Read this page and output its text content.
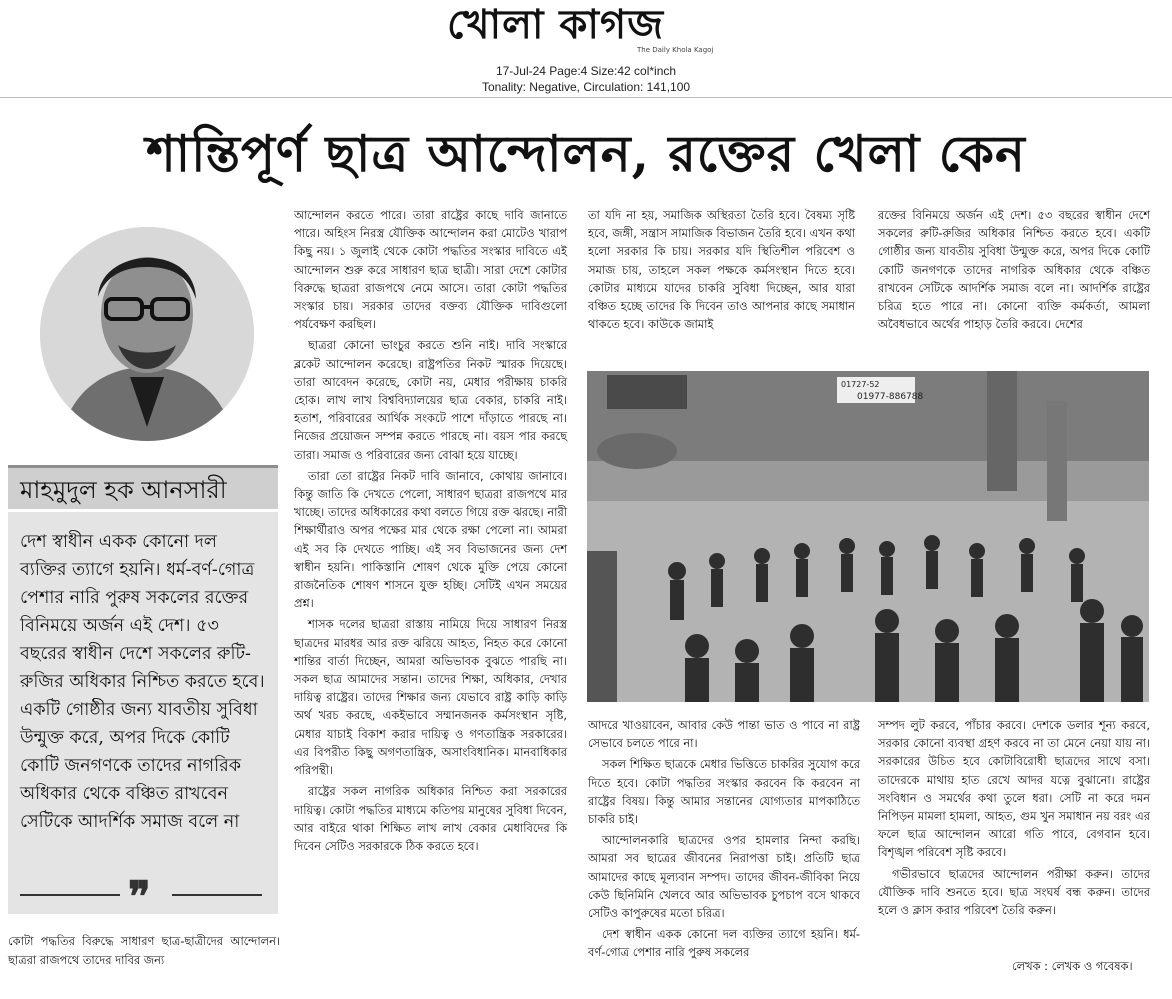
খোলা কাগজ
The Daily Khola Kagoj
17-Jul-24 Page:4 Size:42 col*inch
Tonality: Negative, Circulation: 141,100
শান্তিপূর্ণ ছাত্র আন্দোলন, রক্তের খেলা কেন
মাহমুদুল হক আনসারী
দেশ স্বাধীন একক কোনো দল ব্যক্তির ত্যাগে হয়নি। ধর্ম-বর্ণ-গোত্র পেশার নারি পুরুষ সকলের রক্তের বিনিময়ে অর্জন এই দেশ। ৫৩ বছরের স্বাধীন দেশে সকলের রুটি-রুজির অধিকার নিশ্চিত করতে হবে। একটি গোষ্ঠীর জন্য যাবতীয় সুবিধা উন্মুক্ত করে, অপর দিকে কোটি কোটি জনগণকে তাদের নাগরিক অধিকার থেকে বঞ্চিত রাখবেন সেটিকে আদর্শিক সমাজ বলে না
❞
কোটা পদ্ধতির বিরুদ্ধে সাধারণ ছাত্র-ছাত্রীদের আন্দোলন। ছাত্ররা রাজপথে তাদের দাবির জন্য

আন্দোলন করতে পারে। তারা রাষ্ট্রের কাছে দাবি জানাতে পারে। অহিংস নিরস্ত্র যৌক্তিক আন্দোলন করা মোটেও খারাপ কিছু নয়। ১ জুলাই থেকে কোটা পদ্ধতির সংস্কার দাবিতে এই আন্দোলন শুরু করে সাধারণ ছাত্র ছাত্রী। সারা দেশে কোটার বিরুদ্ধে ছাত্ররা রাজপথে নেমে আসে। তারা কোটা পদ্ধতির সংস্কার চায়। সরকার তাদের বক্তব্য যৌক্তিক দাবিগুলো পর্যবেক্ষণ করছিল।

ছাত্ররা কোনো ভাংচুর করতে শুনি নাই। দাবি সংস্কারে ব্লকেট আন্দোলন করেছে। রাষ্ট্রপতির নিকট স্মারক দিয়েছে। তারা আবেদন করেছে, কোটা নয়, মেধার পরীক্ষায় চাকরি হোক। লাখ লাখ বিশ্ববিদ্যালয়ের ছাত্র বেকার, চাকরি নাই। হতাশ, পরিবারের আর্থিক সংকটে পাশে দাঁড়াতে পারছে না। নিজের প্রয়োজন সম্পন্ন করতে পারছে না। বয়স পার করছে তারা। সমাজ ও পরিবারের জন্য বোঝা হয়ে যাচ্ছে।

তারা তো রাষ্ট্রের নিকট দাবি জানাবে, কোথায় জানাবে। কিন্তু জাতি কি দেখতে পেলো, সাধারণ ছাত্ররা রাজপথে মার খাচ্ছে। তাদের অধিকারের কথা বলতে গিয়ে রক্ত ঝরছে। নারী শিক্ষার্থীরাও অপর পক্ষের মার থেকে রক্ষা পেলো না। আমরা এই সব কি দেখতে পাচ্ছি। এই সব বিভাজনের জন্য দেশ স্বাধীন হয়নি। পাকিস্তানি শোষণ থেকে মুক্তি পেয়ে কোনো রাজনৈতিক শোষণ শাসনে যুক্ত হচ্ছি। সেটিই এখন সময়ের প্রশ্ন।

শাসক দলের ছাত্ররা রাস্তায় নামিয়ে দিয়ে সাধারণ নিরস্ত্র ছাত্রদের মারধর আর রক্ত ঝরিয়ে আহত, নিহত করে কোনো শান্তির বার্তা দিচ্ছেন, আমরা অভিভাবক বুঝতে পারছি না। সকল ছাত্র আমাদের সন্তান। তাদের শিক্ষা, অধিকার, দেখার দায়িত্ব রাষ্ট্রের। তাদের শিক্ষার জন্য যেভাবে রাষ্ট্র কাড়ি কাড়ি অর্থ খরচ করছে, একইভাবে সম্মানজনক কর্মসংস্থান সৃষ্টি, মেধার যাচাই বিকাশ করার দায়িত্ব ও গণতান্ত্রিক সরকারের। এর বিপরীত কিছু অগণতান্ত্রিক, অসাংবিধানিক। মানবাধিকার পরিপন্থী।

রাষ্ট্রের সকল নাগরিক অধিকার নিশ্চিত করা সরকারের দায়িত্ব। কোটা পদ্ধতির মাধ্যমে কতিপয় মানুষের সুবিধা দিবেন, আর বাইরে থাকা শিক্ষিত লাখ লাখ বেকার মেধাবিদের কি দিবেন সেটিও সরকারকে ঠিক করতে হবে।

তা যদি না হয়, সমাজিক অস্থিরতা তৈরি হবে। বৈষম্য সৃষ্টি হবে, জঙ্গী, সন্ত্রাস সামাজিক বিভাজন তৈরি হবে। এখন কথা হলো সরকার কি চায়। সরকার যদি স্থিতিশীল পরিবেশ ও সমাজ চায়, তাহলে সকল পক্ষকে কর্মসংস্থান দিতে হবে। কোটার মাধ্যমে যাদের চাকরি সুবিধা দিচ্ছেন, আর যারা বঞ্চিত হচ্ছে তাদের কি দিবেন তাও আপনার কাছে সমাধান থাকতে হবে। কাউকে জামাই

রক্তের বিনিময়ে অর্জন এই দেশ। ৫৩ বছরের স্বাধীন দেশে সকলের রুটি-রুজির অধিকার নিশ্চিত করতে হবে। একটি গোষ্ঠীর জন্য যাবতীয় সুবিধা উন্মুক্ত করে, অপর দিকে কোটি কোটি জনগণকে তাদের নাগরিক অধিকার থেকে বঞ্চিত রাখবেন সেটিকে আদর্শিক সমাজ বলে না। আদর্শিক রাষ্ট্রের চরিত্র হতে পারে না। কোনো ব্যক্তি কর্মকর্তা, আমলা অবৈধভাবে অর্থের পাহাড় তৈরি করবে। দেশের

01727-52
01977-886788

আদরে খাওয়াবেন, আবার কেউ পান্তা ভাত ও পাবে না রাষ্ট্র সেভাবে চলতে পারে না।

সকল শিক্ষিত ছাত্রকে মেধার ভিত্তিতে চাকরির সুযোগ করে দিতে হবে। কোটা পদ্ধতির সংস্কার করবেন কি করবেন না রাষ্ট্রের বিষয়। কিন্তু আমার সন্তানের যোগ্যতার মাপকাঠিতে চাকরি চাই।

আন্দোলনকারি ছাত্রদের ওপর হামলার নিন্দা করছি। আমরা সব ছাত্রের জীবনের নিরাপত্তা চাই। প্রতিটি ছাত্র আমাদের কাছে মূল্যবান সম্পদ। তাদের জীবন-জীবিকা নিয়ে কেউ ছিনিমিনি খেলবে আর অভিভাবক চুপচাপ বসে থাকবে সেটিও কাপুরুষের মতো চরিত্র।

দেশ স্বাধীন একক কোনো দল ব্যক্তির ত্যাগে হয়নি। ধর্ম-বর্ণ-গোত্র পেশার নারি পুরুষ সকলের

সম্পদ লুট করবে, পাঁচার করবে। দেশকে ডলার শূন্য করবে, সরকার কোনো ব্যবস্থা গ্রহণ করবে না তা মেনে নেয়া যায় না। সরকারের উচিত হবে কোটাবিরোধী ছাত্রদের সাথে বসা। তাদেরকে মাথায় হাত রেখে আদর যত্নে বুঝানো। রাষ্ট্রের সংবিধান ও সমর্থের কথা তুলে ধরা। সেটি না করে দমন নিপিড়ন মামলা হামলা, আহত, গুম খুন সমাধান নয় বরং এর ফলে ছাত্র আন্দোলন আরো গতি পাবে, বেগবান হবে। বিশৃঙ্খল পরিবেশ সৃষ্টি করবে।

গভীরভাবে ছাত্রদের আন্দোলন পরীক্ষা করুন। তাদের যৌক্তিক দাবি শুনতে হবে। ছাত্র সংঘর্ষ বন্ধ করুন। তাদের হলে ও ক্লাস করার পরিবেশ তৈরি করুন।

লেখক : লেখক ও গবেষক।
